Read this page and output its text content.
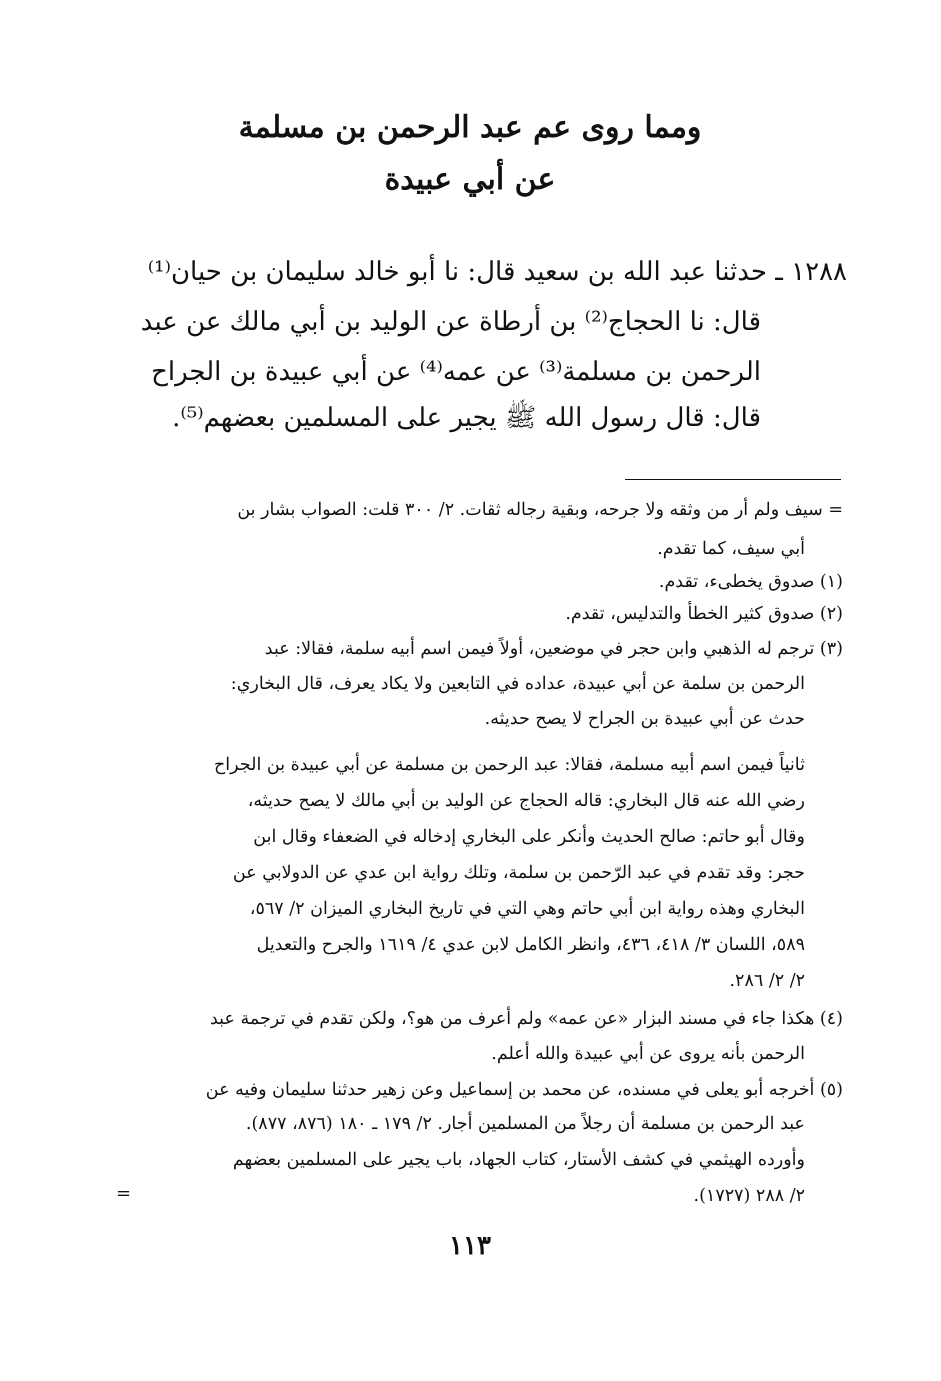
ومما روى عم عبد الرحمن بن مسلمة
عن أبي عبيدة
١٢٨٨ ـ حدثنا عبد الله بن سعيد قال: نا أبو خالد سليمان بن حيان⁽¹⁾
قال: نا الحجاج⁽²⁾ بن أرطاة عن الوليد بن أبي مالك عن عبد
الرحمن بن مسلمة⁽³⁾ عن عمه⁽⁴⁾ عن أبي عبيدة بن الجراح
قال: قال رسول الله ﷺ يجير على المسلمين بعضهم⁽⁵⁾.
= سيف ولم أر من وثقه ولا جرحه، وبقية رجاله ثقات. ٢/ ٣٠٠ قلت: الصواب بشار بن
أبي سيف، كما تقدم.
(١) صدوق يخطىء، تقدم.
(٢) صدوق كثير الخطأ والتدليس، تقدم.
(٣) ترجم له الذهبي وابن حجر في موضعين، أولاً فيمن اسم أبيه سلمة، فقالا: عبد
الرحمن بن سلمة عن أبي عبيدة، عداده في التابعين ولا يكاد يعرف، قال البخاري:
حدث عن أبي عبيدة بن الجراح لا يصح حديثه.
ثانياً فيمن اسم أبيه مسلمة، فقالا: عبد الرحمن بن مسلمة عن أبي عبيدة بن الجراح
رضي الله عنه قال البخاري: قاله الحجاج عن الوليد بن أبي مالك لا يصح حديثه،
وقال أبو حاتم: صالح الحديث وأنكر على البخاري إدخاله في الضعفاء وقال ابن
حجر: وقد تقدم في عبد الرّحمن بن سلمة، وتلك رواية ابن عدي عن الدولابي عن
البخاري وهذه رواية ابن أبي حاتم وهي التي في تاريخ البخاري الميزان ٢/ ٥٦٧،
٥٨٩، اللسان ٣/ ٤١٨، ٤٣٦، وانظر الكامل لابن عدي ٤/ ١٦١٩ والجرح والتعديل
٢/ ٢/ ٢٨٦.
(٤) هكذا جاء في مسند البزار «عن عمه» ولم أعرف من هو؟، ولكن تقدم في ترجمة عبد
الرحمن بأنه يروى عن أبي عبيدة والله أعلم.
(٥) أخرجه أبو يعلى في مسنده، عن محمد بن إسماعيل وعن زهير حدثنا سليمان وفيه عن
عبد الرحمن بن مسلمة أن رجلاً من المسلمين أجار. ٢/ ١٧٩ ـ ١٨٠ (٨٧٦، ٨٧٧).
وأورده الهيثمي في كشف الأستار، كتاب الجهاد، باب يجير على المسلمين بعضهم
٢/ ٢٨٨ (١٧٢٧).
=
١١٣
